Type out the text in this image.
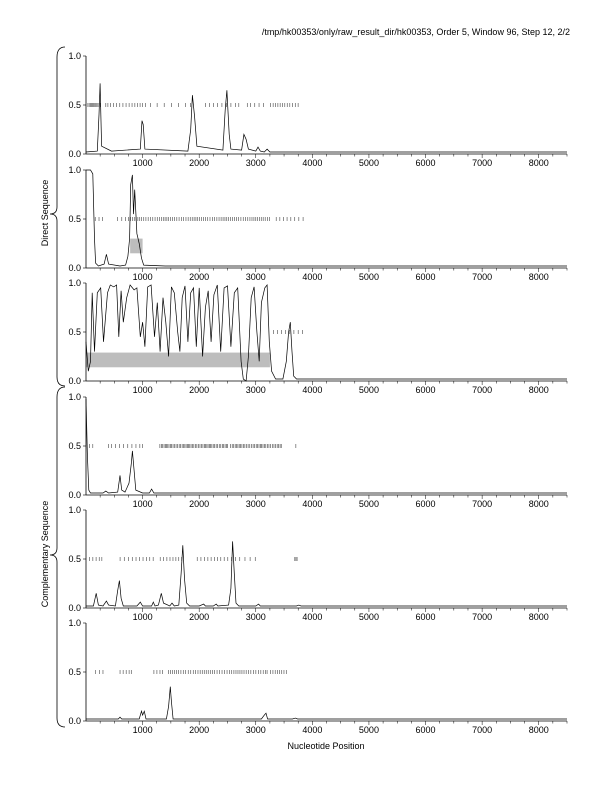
/tmp/hk00353/only/raw_result_dir/hk00353, Order 5, Window 96, Step 12, 2/2
0.0
0.5
1.0
1000	2000	3000	4000	5000	6000	7000	8000
0.0
0.5
1.0
1000	2000	3000	4000	5000	6000	7000	8000
0.0
0.5
1.0
1000	2000	3000	4000	5000	6000	7000	8000
0.0
0.5
1.0
1000	2000	3000	4000	5000	6000	7000	8000
0.0
0.5
1.0
1000	2000	3000	4000	5000	6000	7000	8000
0.0
0.5
1.0
1000	2000	3000	4000	5000	6000	7000	8000
Direct Sequence
Complementary Sequence
Nucleotide Position
